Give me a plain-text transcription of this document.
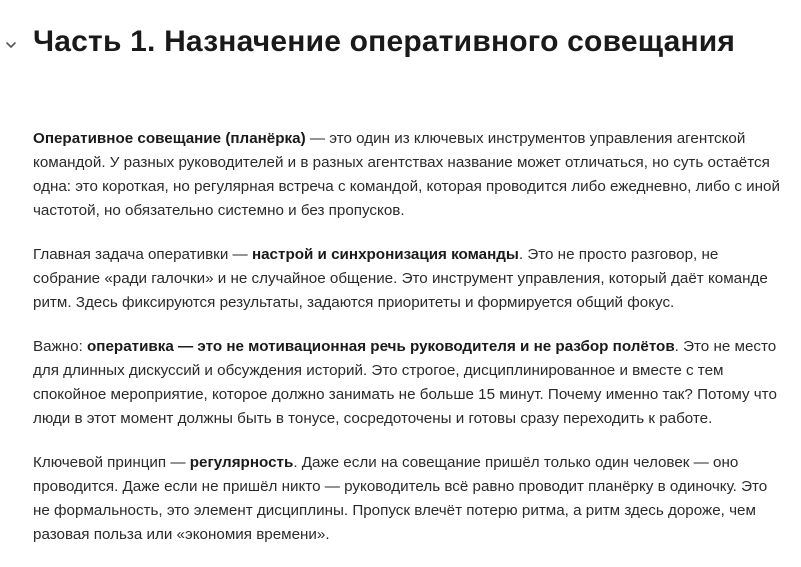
Часть 1. Назначение оперативного совещания

Оперативное совещание (планёрка) — это один из ключевых инструментов управления агентской командой. У разных руководителей и в разных агентствах название может отличаться, но суть остаётся одна: это короткая, но регулярная встреча с командой, которая проводится либо ежедневно, либо с иной частотой, но обязательно системно и без пропусков.

Главная задача оперативки — настрой и синхронизация команды. Это не просто разговор, не собрание «ради галочки» и не случайное общение. Это инструмент управления, который даёт команде ритм. Здесь фиксируются результаты, задаются приоритеты и формируется общий фокус.

Важно: оперативка — это не мотивационная речь руководителя и не разбор полётов. Это не место для длинных дискуссий и обсуждения историй. Это строгое, дисциплинированное и вместе с тем спокойное мероприятие, которое должно занимать не больше 15 минут. Почему именно так? Потому что люди в этот момент должны быть в тонусе, сосредоточены и готовы сразу переходить к работе.

Ключевой принцип — регулярность. Даже если на совещание пришёл только один человек — оно проводится. Даже если не пришёл никто — руководитель всё равно проводит планёрку в одиночку. Это не формальность, это элемент дисциплины. Пропуск влечёт потерю ритма, а ритм здесь дороже, чем разовая польза или «экономия времени».
